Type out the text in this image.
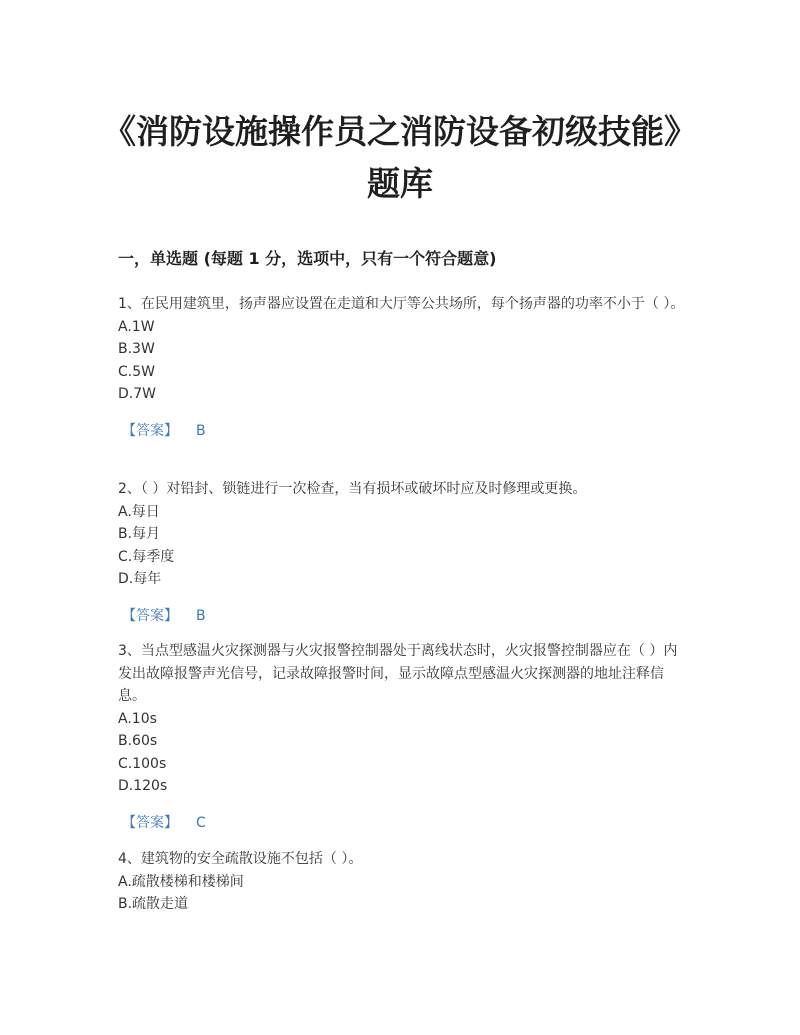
《消防设施操作员之消防设备初级技能》题库
一，单选题 (每题 1 分，选项中，只有一个符合题意)

1、在民用建筑里，扬声器应设置在走道和大厅等公共场所，每个扬声器的功率不小于（ ）。

A.1W

B.3W

C.5W

D.7W

【答案】 B

2、（ ）对铅封、锁链进行一次检查，当有损坏或破坏时应及时修理或更换。

A.每日

B.每月

C.每季度

D.每年

【答案】 B

3、当点型感温火灾探测器与火灾报警控制器处于离线状态时，火灾报警控制器应在（ ）内发出故障报警声光信号，记录故障报警时间，显示故障点型感温火灾探测器的地址注释信息。

A.10s

B.60s

C.100s

D.120s

【答案】 C

4、建筑物的安全疏散设施不包括（ ）。

A.疏散楼梯和楼梯间

B.疏散走道
